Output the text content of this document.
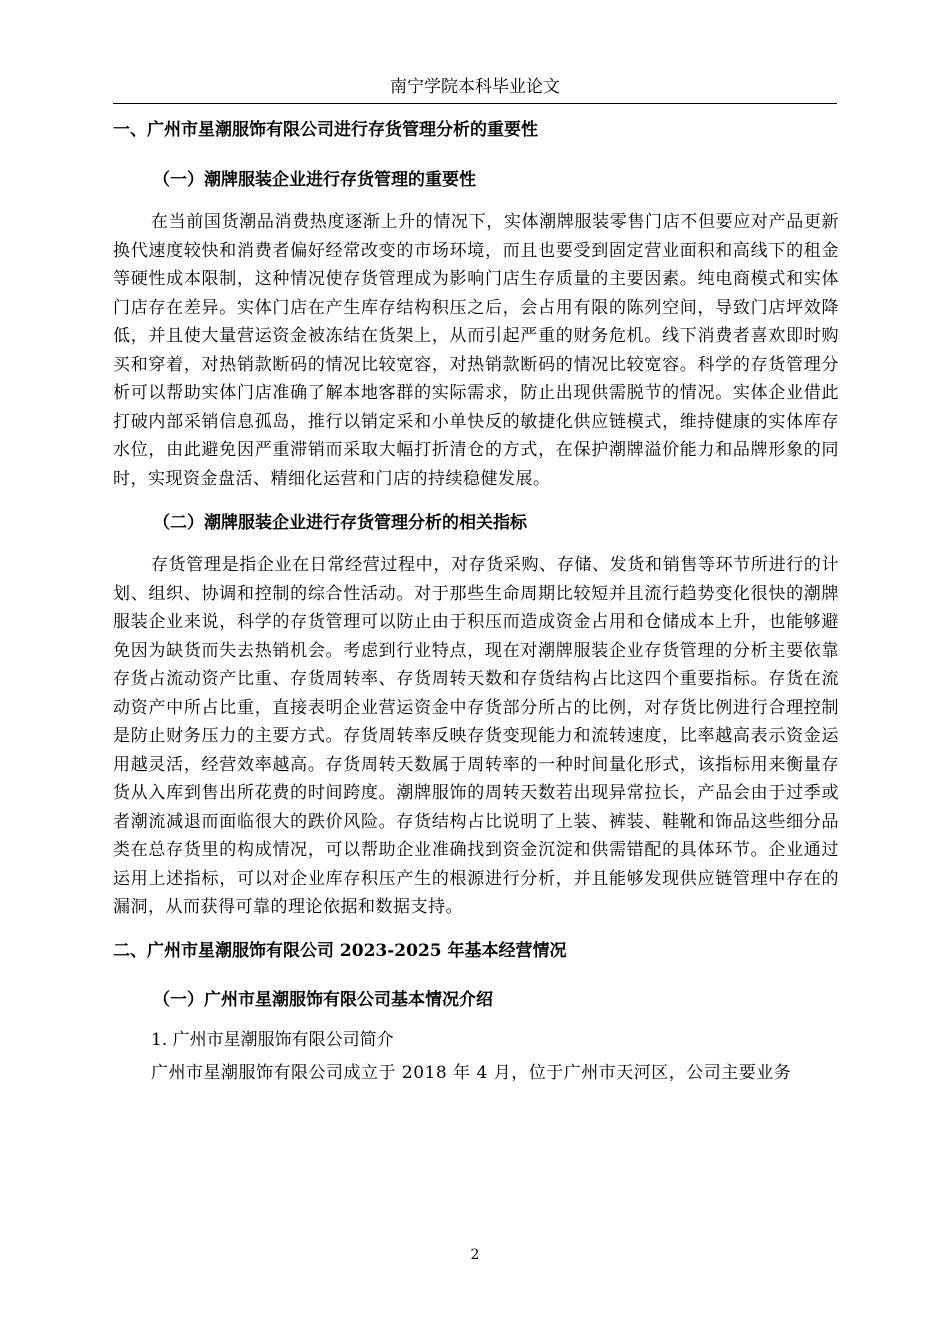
南宁学院本科毕业论文
一、广州市星潮服饰有限公司进行存货管理分析的重要性
（一）潮牌服装企业进行存货管理的重要性

在当前国货潮品消费热度逐渐上升的情况下，实体潮牌服装零售门店不但要应对产品更新换代速度较快和消费者偏好经常改变的市场环境，而且也要受到固定营业面积和高线下的租金等硬性成本限制，这种情况使存货管理成为影响门店生存质量的主要因素。纯电商模式和实体门店存在差异。实体门店在产生库存结构积压之后，会占用有限的陈列空间，导致门店坪效降低，并且使大量营运资金被冻结在货架上，从而引起严重的财务危机。线下消费者喜欢即时购买和穿着，对热销款断码的情况比较宽容，对热销款断码的情况比较宽容。科学的存货管理分析可以帮助实体门店准确了解本地客群的实际需求，防止出现供需脱节的情况。实体企业借此打破内部采销信息孤岛，推行以销定采和小单快反的敏捷化供应链模式，维持健康的实体库存水位，由此避免因严重滞销而采取大幅打折清仓的方式，在保护潮牌溢价能力和品牌形象的同时，实现资金盘活、精细化运营和门店的持续稳健发展。

（二）潮牌服装企业进行存货管理分析的相关指标

存货管理是指企业在日常经营过程中，对存货采购、存储、发货和销售等环节所进行的计划、组织、协调和控制的综合性活动。对于那些生命周期比较短并且流行趋势变化很快的潮牌服装企业来说，科学的存货管理可以防止由于积压而造成资金占用和仓储成本上升，也能够避免因为缺货而失去热销机会。考虑到行业特点，现在对潮牌服装企业存货管理的分析主要依靠存货占流动资产比重、存货周转率、存货周转天数和存货结构占比这四个重要指标。存货在流动资产中所占比重，直接表明企业营运资金中存货部分所占的比例，对存货比例进行合理控制是防止财务压力的主要方式。存货周转率反映存货变现能力和流转速度，比率越高表示资金运用越灵活，经营效率越高。存货周转天数属于周转率的一种时间量化形式，该指标用来衡量存货从入库到售出所花费的时间跨度。潮牌服饰的周转天数若出现异常拉长，产品会由于过季或者潮流减退而面临很大的跌价风险。存货结构占比说明了上装、裤装、鞋靴和饰品这些细分品类在总存货里的构成情况，可以帮助企业准确找到资金沉淀和供需错配的具体环节。企业通过运用上述指标，可以对企业库存积压产生的根源进行分析，并且能够发现供应链管理中存在的漏洞，从而获得可靠的理论依据和数据支持。

二、广州市星潮服饰有限公司 2023-2025 年基本经营情况
（一）广州市星潮服饰有限公司基本情况介绍
1. 广州市星潮服饰有限公司简介

广州市星潮服饰有限公司成立于 2018 年 4 月，位于广州市天河区，公司主要业务

2
